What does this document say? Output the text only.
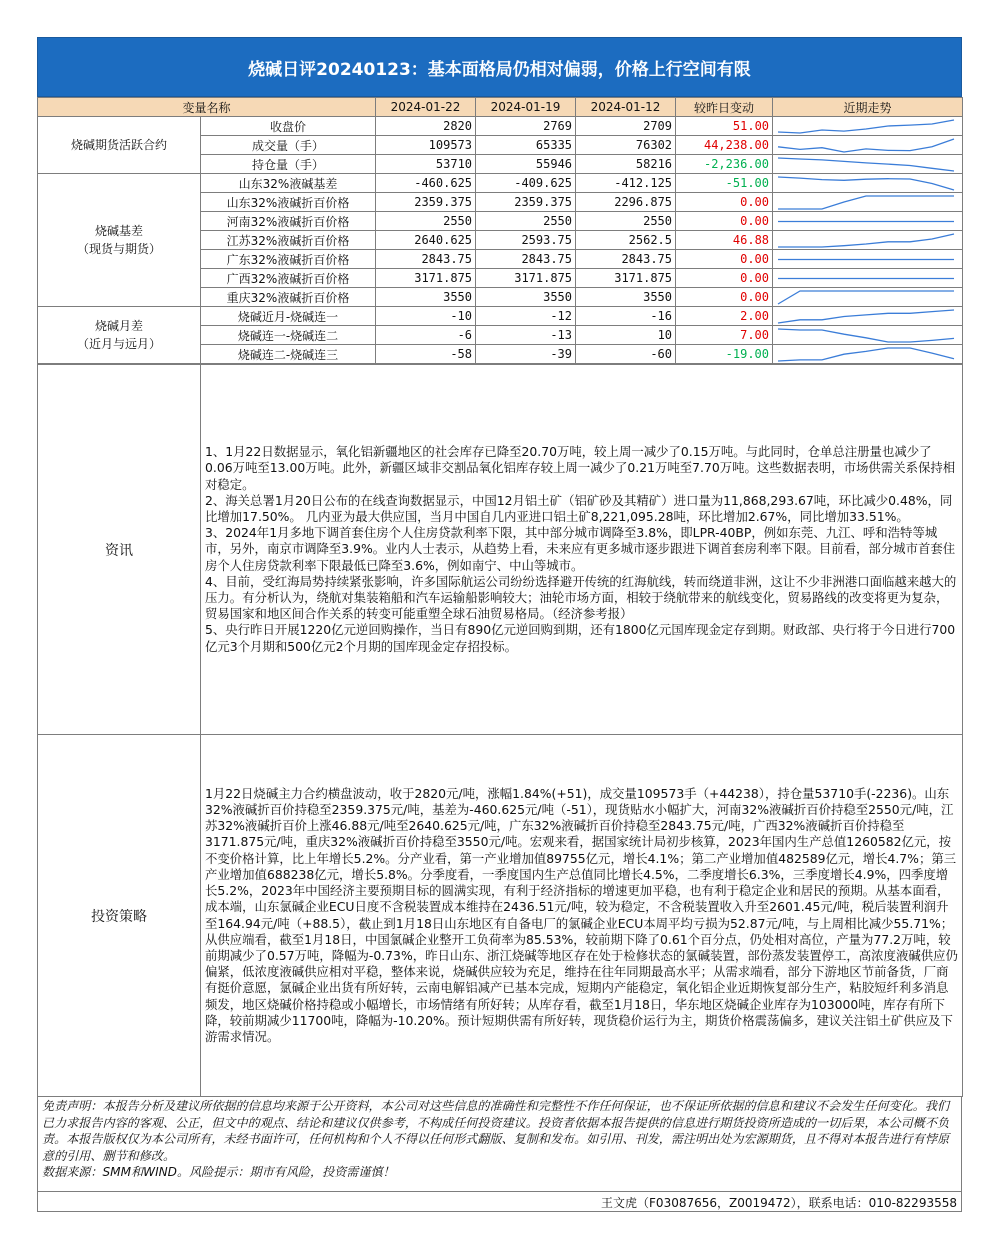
烧碱日评20240123：基本面格局仍相对偏弱，价格上行空间有限
变量名称		2024-01-22	2024-01-19	2024-01-12	较昨日变动	近期走势

烧碱期货活跃合约	收盘价	2820	2769	2709	51.00	

	成交量（手）	109573	65335	76302	44,238.00	

	持仓量（手）	53710	55946	58216	-2,236.00	

烧碱基差
（现货与期货）	山东32%液碱基差	-460.625	-409.625	-412.125	-51.00	

	山东32%液碱折百价格	2359.375	2359.375	2296.875	0.00	

	河南32%液碱折百价格	2550	2550	2550	0.00	

	江苏32%液碱折百价格	2640.625	2593.75	2562.5	46.88	

	广东32%液碱折百价格	2843.75	2843.75	2843.75	0.00	

	广西32%液碱折百价格	3171.875	3171.875	3171.875	0.00	

	重庆32%液碱折百价格	3550	3550	3550	0.00	

烧碱月差
（近月与远月）	烧碱近月-烧碱连一	-10	-12	-16	2.00	

	烧碱连一-烧碱连二	-6	-13	10	7.00	

	烧碱连二-烧碱连三	-58	-39	-60	-19.00	
资讯	1、1月22日数据显示，氧化铝新疆地区的社会库存已降至20.70万吨，较上周一减少了0.15万吨。与此同时，仓单总注册量也减少了0.06万吨至13.00万吨。此外，新疆区域非交割品氧化铝库存较上周一减少了0.21万吨至7.70万吨。这些数据表明，市场供需关系保持相对稳定。

2、海关总署1月20日公布的在线查询数据显示，中国12月铝土矿（铝矿砂及其精矿）进口量为11,868,293.67吨，环比减少0.48%，同比增加17.50%。 几内亚为最大供应国，当月中国自几内亚进口铝土矿8,221,095.28吨，环比增加2.67%，同比增加33.51%。

3、2024年1月多地下调首套住房个人住房贷款利率下限，其中部分城市调降至3.8%，即LPR-40BP，例如东莞、九江、呼和浩特等城市，另外，南京市调降至3.9%。业内人士表示，从趋势上看，未来应有更多城市逐步跟进下调首套房利率下限。目前看，部分城市首套住房个人住房贷款利率下限最低已降至3.6%，例如南宁、中山等城市。

4、目前，受红海局势持续紧张影响，许多国际航运公司纷纷选择避开传统的红海航线，转而绕道非洲，这让不少非洲港口面临越来越大的压力。有分析认为，绕航对集装箱船和汽车运输船影响较大；油轮市场方面，相较于绕航带来的航线变化，贸易路线的改变将更为复杂，贸易国家和地区间合作关系的转变可能重塑全球石油贸易格局。（经济参考报）

5、央行昨日开展1220亿元逆回购操作，当日有890亿元逆回购到期，还有1800亿元国库现金定存到期。财政部、央行将于今日进行700亿元3个月期和500亿元2个月期的国库现金定存招投标。

投资策略	1月22日烧碱主力合约横盘波动，收于2820元/吨，涨幅1.84%(+51)，成交量109573手（+44238），持仓量53710手(-2236)。山东32%液碱折百价持稳至2359.375元/吨，基差为-460.625元/吨（-51），现货贴水小幅扩大，河南32%液碱折百价持稳至2550元/吨，江苏32%液碱折百价上涨46.88元/吨至2640.625元/吨，广东32%液碱折百价持稳至2843.75元/吨，广西32%液碱折百价持稳至3171.875元/吨，重庆32%液碱折百价持稳至3550元/吨。宏观来看，据国家统计局初步核算，2023年国内生产总值1260582亿元，按不变价格计算，比上年增长5.2%。分产业看，第一产业增加值89755亿元，增长4.1%；第二产业增加值482589亿元，增长4.7%；第三产业增加值688238亿元，增长5.8%。分季度看，一季度国内生产总值同比增长4.5%，二季度增长6.3%，三季度增长4.9%，四季度增长5.2%，2023年中国经济主要预期目标的圆满实现，有利于经济指标的增速更加平稳，也有利于稳定企业和居民的预期。从基本面看，成本端，山东氯碱企业ECU日度不含税装置成本维持在2436.51元/吨，较为稳定，不含税装置收入升至2601.45元/吨，税后装置利润升至164.94元/吨（+88.5），截止到1月18日山东地区有自备电厂的氯碱企业ECU本周平均亏损为52.87元/吨，与上周相比减少55.71%；从供应端看，截至1月18日，中国氯碱企业整开工负荷率为85.53%，较前期下降了0.61个百分点，仍处相对高位，产量为77.2万吨，较前期减少了0.57万吨，降幅为-0.73%，昨日山东、浙江烧碱等地区存在处于检修状态的氯碱装置，部份蒸发装置停工，高浓度液碱供应仍偏紧，低浓度液碱供应相对平稳，整体来说，烧碱供应较为充足，维持在往年同期最高水平；从需求端看，部分下游地区节前备货，厂商有挺价意愿，氯碱企业出货有所好转，云南电解铝减产已基本完成，短期内产能稳定，氧化铝企业近期恢复部分生产，粘胶短纤利多消息频发，地区烧碱价格持稳或小幅增长，市场情绪有所好转；从库存看，截至1月18日，华东地区烧碱企业库存为103000吨，库存有所下降，较前期减少11700吨，降幅为-10.20%。预计短期供需有所好转，现货稳价运行为主，期货价格震荡偏多，建议关注铝土矿供应及下游需求情况。

免责声明：本报告分析及建议所依据的信息均来源于公开资料，本公司对这些信息的准确性和完整性不作任何保证，也不保证所依据的信息和建议不会发生任何变化。我们已力求报告内容的客观、公正，但文中的观点、结论和建议仅供参考，不构成任何投资建议。投资者依据本报告提供的信息进行期货投资所造成的一切后果，本公司概不负责。本报告版权仅为本公司所有，未经书面许可，任何机构和个人不得以任何形式翻版、复制和发布。如引用、刊发，需注明出处为宏源期货，且不得对本报告进行有悖原意的引用、删节和修改。
数据来源：SMM和WIND。风险提示：期市有风险，投资需谨慎！
王文虎（F03087656，Z0019472），联系电话：010-82293558
